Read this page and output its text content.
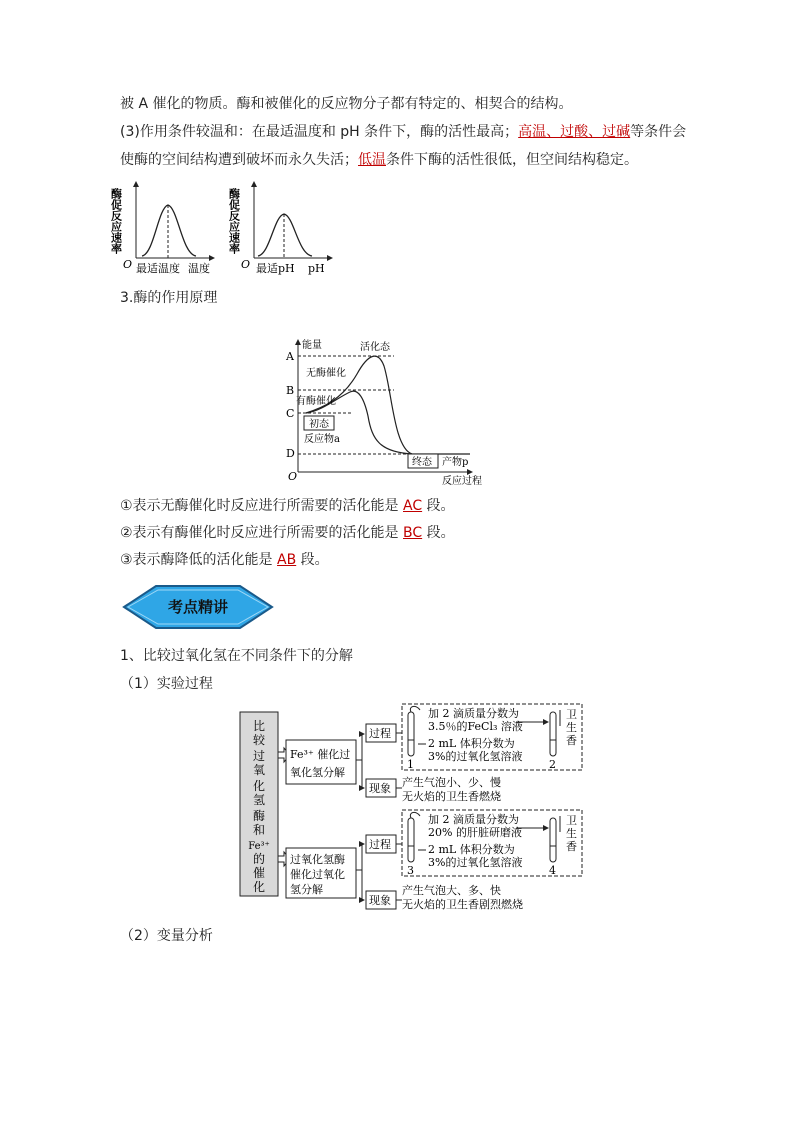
被 A 催化的物质。酶和被催化的反应物分子都有特定的、相契合的结构。
(3)作用条件较温和：在最适温度和 pH 条件下，酶的活性最高；高温、过酸、过碱等条件会
使酶的空间结构遭到破坏而永久失活；低温条件下酶的活性很低，但空间结构稳定。
酶促反应速率
O 最适温度 温度
酶促反应速率
O 最适pH pH
3.酶的作用原理
A
B
C
D
O
能量	活化态
无酶催化
有酶催化
初态
反应物a
终态 产物p
反应过程
①表示无酶催化时反应进行所需要的活化能是 AC 段。
②表示有酶催化时反应进行所需要的活化能是 BC 段。
③表示酶降低的活化能是 AB 段。
考点精讲
1、比较过氧化氢在不同条件下的分解
（1）实验过程
比
较
过
氧
化
氢
酶
和
Fe³⁺
的
催
化
Fe³⁺ 催化过
氧化氢分解
过氧化氢酶
催化过氧化
氢分解
过程
现象
过程
现象
1
加 2 滴质量分数为
3.5％的FeCl₃ 溶液
2 mL 体积分数为
3%的过氧化氢溶液
2
卫
生
香
产生气泡小、少、慢
无火焰的卫生香燃烧
3
加 2 滴质量分数为
20% 的肝脏研磨液
2 mL 体积分数为
3%的过氧化氢溶液
4
卫
生
香
产生气泡大、多、快
无火焰的卫生香剧烈燃烧
（2）变量分析
